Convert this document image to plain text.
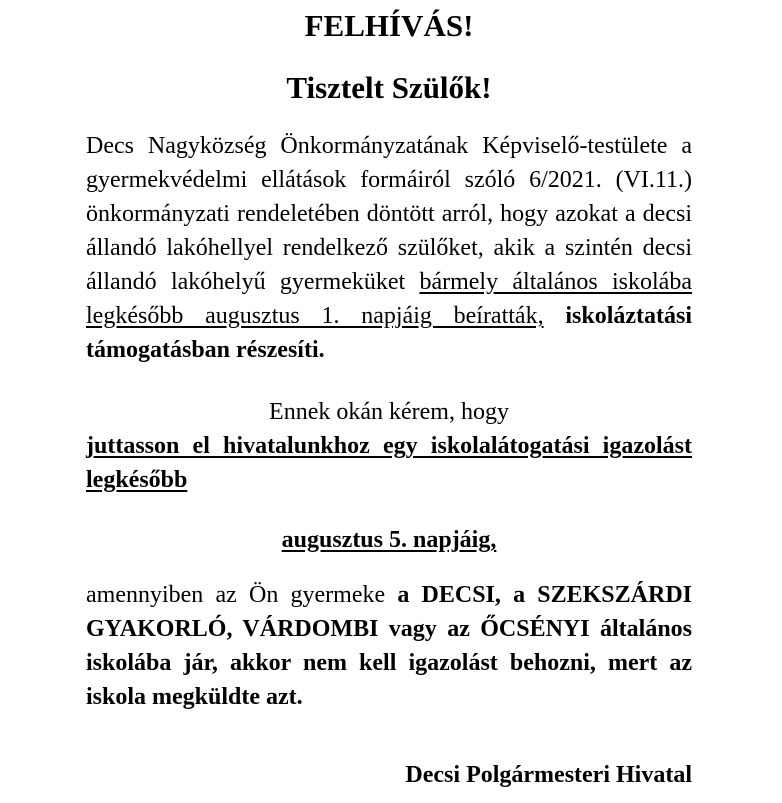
FELHÍVÁS!
Tisztelt Szülők!
Decs Nagyközség Önkormányzatának Képviselő-testülete a gyermekvédelmi ellátások formáiról szóló 6/2021. (VI.11.) önkormányzati rendeletében döntött arról, hogy azokat a decsi állandó lakóhellyel rendelkező szülőket, akik a szintén decsi állandó lakóhelyű gyermeküket bármely általános iskolába legkésőbb augusztus 1. napjáig beíratták, iskoláztatási támogatásban részesíti.
Ennek okán kérem, hogy
juttasson el hivatalunkhoz egy iskolalátogatási igazolást legkésőbb
augusztus 5. napjáig,
amennyiben az Ön gyermeke a DECSI, a SZEKSZÁRDI GYAKORLÓ, VÁRDOMBI vagy az ŐCSÉNYI általános iskolába jár, akkor nem kell igazolást behozni, mert az iskola megküldte azt.
Decsi Polgármesteri Hivatal
